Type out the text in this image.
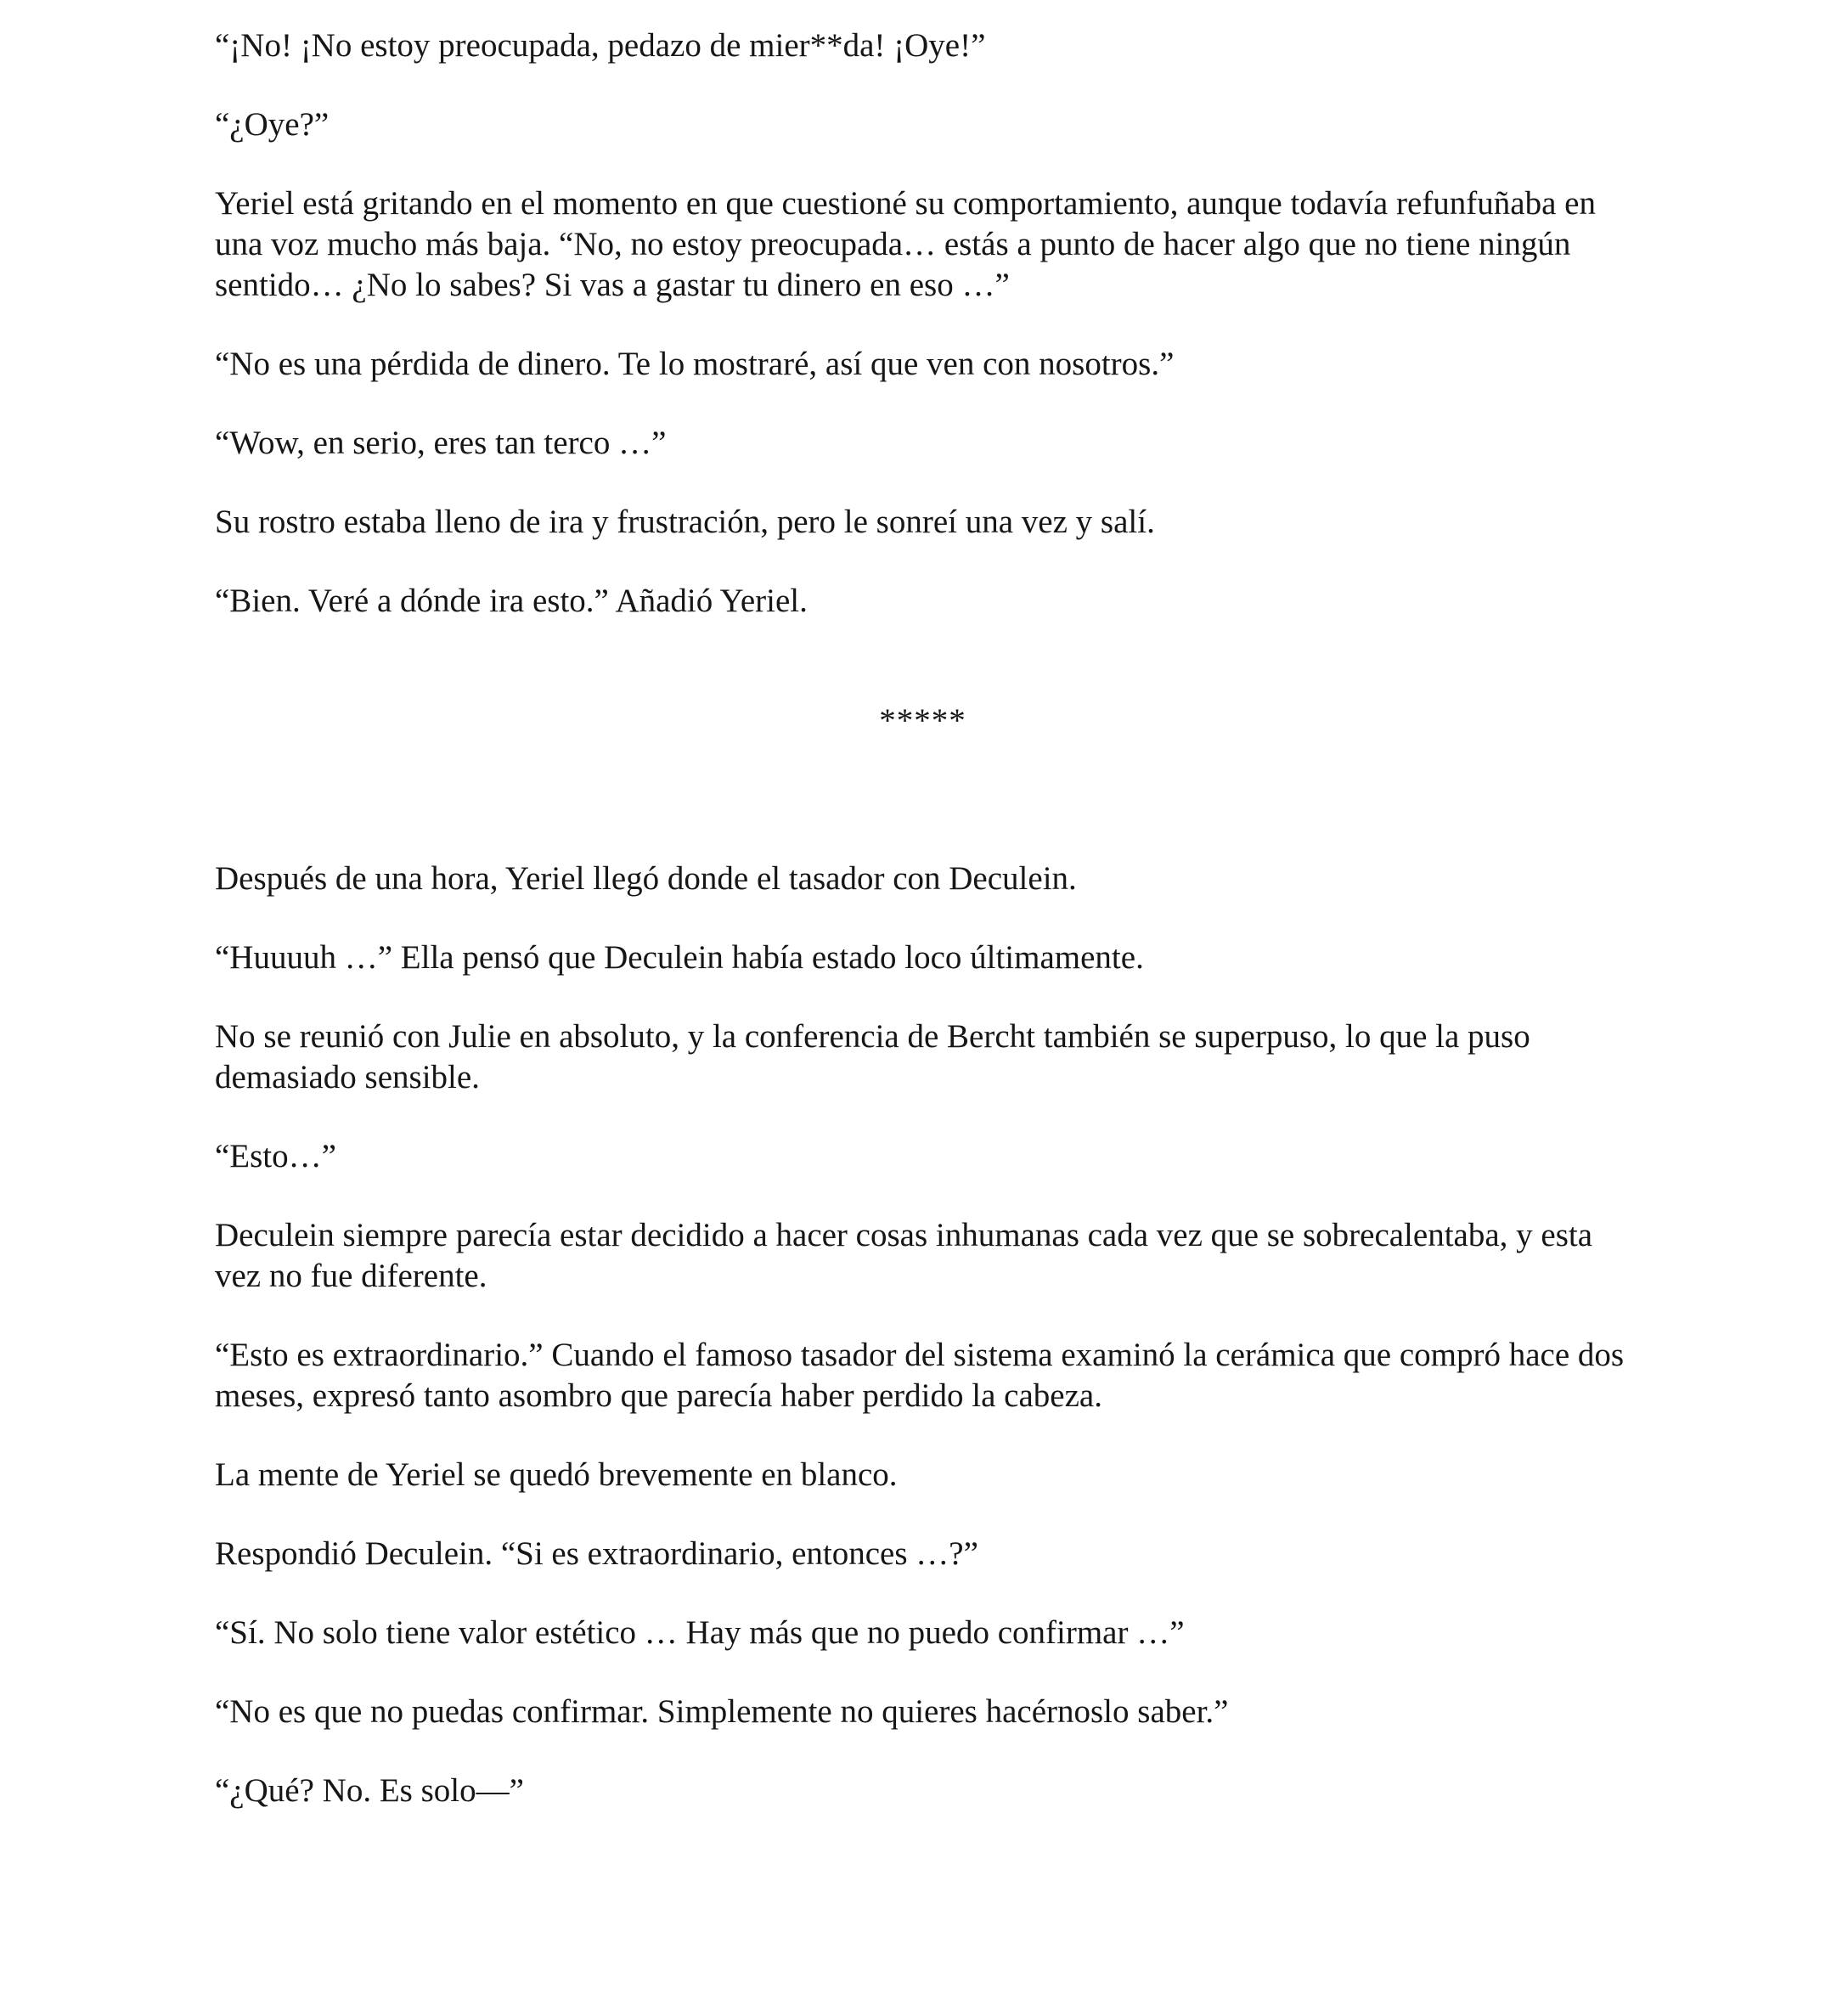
“¡No! ¡No estoy preocupada, pedazo de mier**da! ¡Oye!”

“¿Oye?”

Yeriel está gritando en el momento en que cuestioné su comportamiento, aunque todavía refunfuñaba en una voz mucho más baja. “No, no estoy preocupada… estás a punto de hacer algo que no tiene ningún sentido… ¿No lo sabes? Si vas a gastar tu dinero en eso …”

“No es una pérdida de dinero. Te lo mostraré, así que ven con nosotros.”

“Wow, en serio, eres tan terco …”

Su rostro estaba lleno de ira y frustración, pero le sonreí una vez y salí.

“Bien. Veré a dónde ira esto.” Añadió Yeriel.

*****

Después de una hora, Yeriel llegó donde el tasador con Deculein.

“Huuuuh …” Ella pensó que Deculein había estado loco últimamente.

No se reunió con Julie en absoluto, y la conferencia de Bercht también se superpuso, lo que la puso demasiado sensible.

“Esto…”

Deculein siempre parecía estar decidido a hacer cosas inhumanas cada vez que se sobrecalentaba, y esta vez no fue diferente.

“Esto es extraordinario.” Cuando el famoso tasador del sistema examinó la cerámica que compró hace dos meses, expresó tanto asombro que parecía haber perdido la cabeza.

La mente de Yeriel se quedó brevemente en blanco.

Respondió Deculein. “Si es extraordinario, entonces …?”

“Sí. No solo tiene valor estético … Hay más que no puedo confirmar …”

“No es que no puedas confirmar. Simplemente no quieres hacérnoslo saber.”

“¿Qué? No. Es solo—”
